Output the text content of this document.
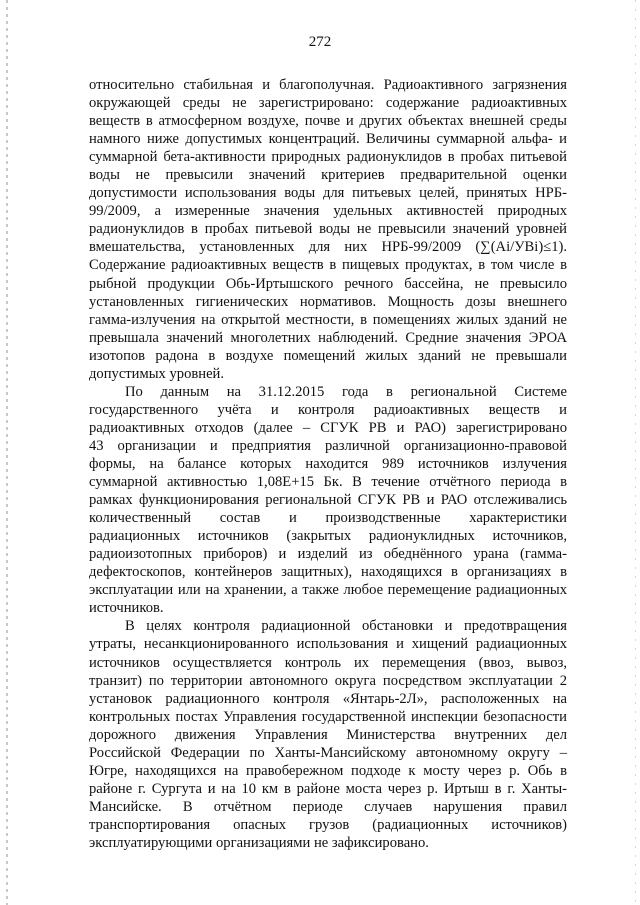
272

относительно стабильная и благополучная. Радиоактивного загрязнения

окружающей среды не зарегистрировано: содержание радиоактивных

веществ в атмосферном воздухе, почве и других объектах внешней среды

намного ниже допустимых концентраций. Величины суммарной альфа- и

суммарной бета-активности природных радионуклидов в пробах питьевой

воды не превысили значений критериев предварительной оценки

допустимости использования воды для питьевых целей, принятых НРБ-

99/2009, а измеренные значения удельных активностей природных

радионуклидов в пробах питьевой воды не превысили значений уровней

вмешательства, установленных для них НРБ-99/2009 (∑(Ai/УВi)≤1).

Содержание радиоактивных веществ в пищевых продуктах, в том числе в

рыбной продукции Обь-Иртышского речного бассейна, не превысило

установленных гигиенических нормативов. Мощность дозы внешнего

гамма-излучения на открытой местности, в помещениях жилых зданий не

превышала значений многолетних наблюдений. Средние значения ЭРОА

изотопов радона в воздухе помещений жилых зданий не превышали

допустимых уровней.

По данным на 31.12.2015 года в региональной Системе

государственного учёта и контроля радиоактивных веществ и

радиоактивных отходов (далее – СГУК РВ и РАО) зарегистрировано

43 организации и предприятия различной организационно-правовой

формы, на балансе которых находится 989 источников излучения

суммарной активностью 1,08Е+15 Бк. В течение отчётного периода в

рамках функционирования региональной СГУК РВ и РАО отслеживались

количественный состав и производственные характеристики

радиационных источников (закрытых радионуклидных источников,

радиоизотопных приборов) и изделий из обеднённого урана (гамма-

дефектоскопов, контейнеров защитных), находящихся в организациях в

эксплуатации или на хранении, а также любое перемещение радиационных

источников.

В целях контроля радиационной обстановки и предотвращения

утраты, несанкционированного использования и хищений радиационных

источников осуществляется контроль их перемещения (ввоз, вывоз,

транзит) по территории автономного округа посредством эксплуатации 2

установок радиационного контроля «Янтарь-2Л», расположенных на

контрольных постах Управления государственной инспекции безопасности

дорожного движения Управления Министерства внутренних дел

Российской Федерации по Ханты-Мансийскому автономному округу –

Югре, находящихся на правобережном подходе к мосту через р. Обь в

районе г. Сургута и на 10 км в районе моста через р. Иртыш в г. Ханты-

Мансийске. В отчётном периоде случаев нарушения правил

транспортирования опасных грузов (радиационных источников)

эксплуатирующими организациями не зафиксировано.
